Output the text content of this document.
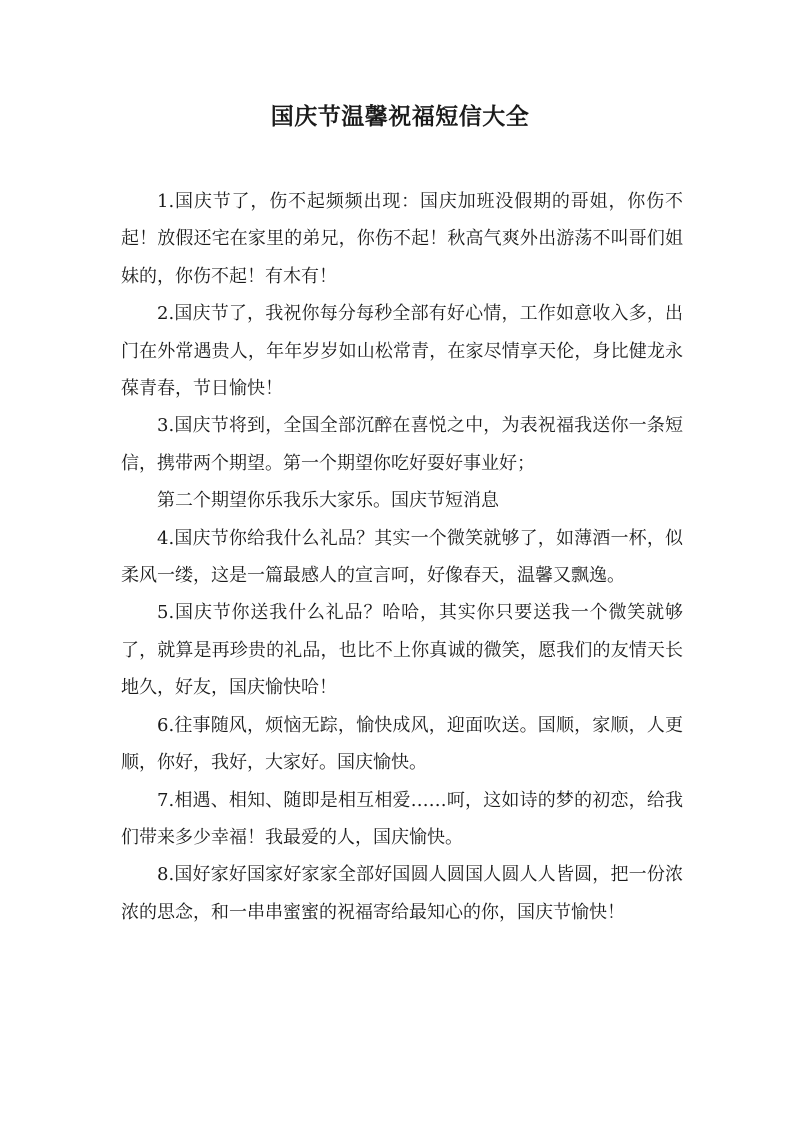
国庆节温馨祝福短信大全

1.国庆节了，伤不起频频出现：国庆加班没假期的哥姐，你伤不起！放假还宅在家里的弟兄，你伤不起！秋高气爽外出游荡不叫哥们姐妹的，你伤不起！有木有！

2.国庆节了，我祝你每分每秒全部有好心情，工作如意收入多，出门在外常遇贵人，年年岁岁如山松常青，在家尽情享天伦，身比健龙永葆青春，节日愉快！

3.国庆节将到，全国全部沉醉在喜悦之中，为表祝福我送你一条短信，携带两个期望。第一个期望你吃好耍好事业好；

第二个期望你乐我乐大家乐。国庆节短消息

4.国庆节你给我什么礼品？其实一个微笑就够了，如薄酒一杯，似柔风一缕，这是一篇最感人的宣言呵，好像春天，温馨又飘逸。

5.国庆节你送我什么礼品？哈哈，其实你只要送我一个微笑就够了，就算是再珍贵的礼品，也比不上你真诚的微笑，愿我们的友情天长地久，好友，国庆愉快哈！

6.往事随风，烦恼无踪，愉快成风，迎面吹送。国顺，家顺，人更顺，你好，我好，大家好。国庆愉快。

7.相遇、相知、随即是相互相爱……呵，这如诗的梦的初恋，给我们带来多少幸福！我最爱的人，国庆愉快。

8.国好家好国家好家家全部好国圆人圆国人圆人人皆圆，把一份浓浓的思念，和一串串蜜蜜的祝福寄给最知心的你，国庆节愉快！
